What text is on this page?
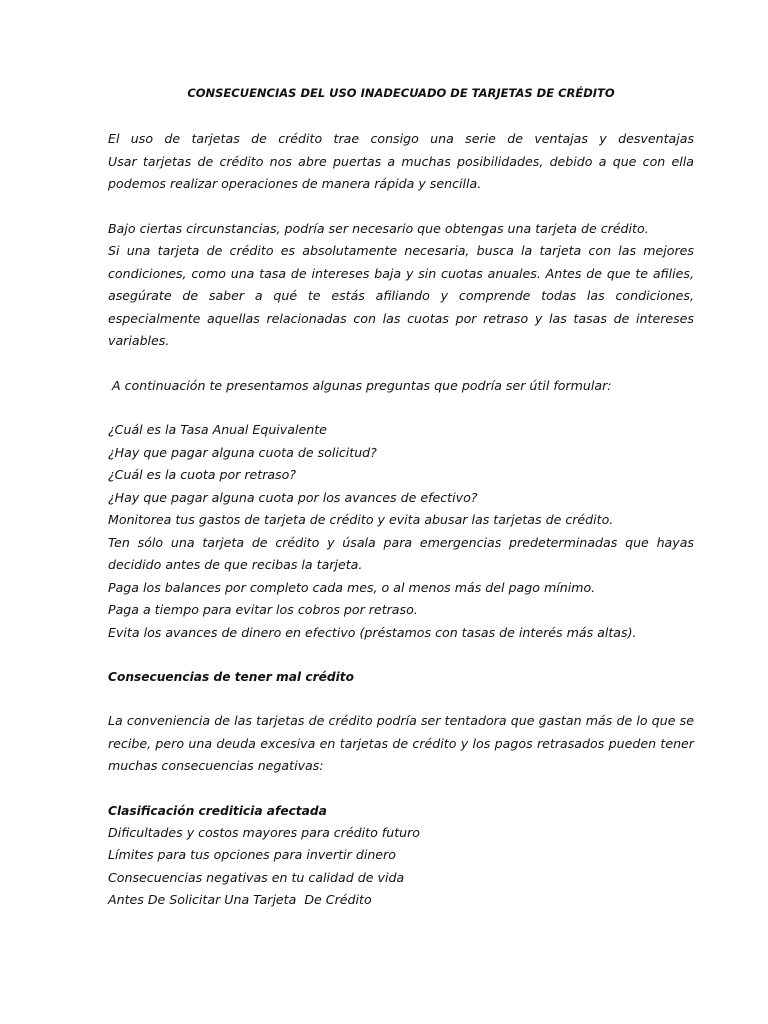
CONSECUENCIAS DEL USO INADECUADO DE TARJETAS DE CRÉDITO
El uso de tarjetas de crédito trae consigo una serie de ventajas y desventajas
Usar tarjetas de crédito nos abre puertas a muchas posibilidades, debido a que con ella
podemos realizar operaciones de manera rápida y sencilla.
Bajo ciertas circunstancias, podría ser necesario que obtengas una tarjeta de crédito.
Si una tarjeta de crédito es absolutamente necesaria, busca la tarjeta con las mejores
condiciones, como una tasa de intereses baja y sin cuotas anuales. Antes de que te afilies,
asegúrate de saber a qué te estás afiliando y comprende todas las condiciones,
especialmente aquellas relacionadas con las cuotas por retraso y las tasas de intereses
variables.
A continuación te presentamos algunas preguntas que podría ser útil formular:
¿Cuál es la Tasa Anual Equivalente
¿Hay que pagar alguna cuota de solicitud?
¿Cuál es la cuota por retraso?
¿Hay que pagar alguna cuota por los avances de efectivo?
Monitorea tus gastos de tarjeta de crédito y evita abusar las tarjetas de crédito.
Ten sólo una tarjeta de crédito y úsala para emergencias predeterminadas que hayas
decidido antes de que recibas la tarjeta.
Paga los balances por completo cada mes, o al menos más del pago mínimo.
Paga a tiempo para evitar los cobros por retraso.
Evita los avances de dinero en efectivo (préstamos con tasas de interés más altas).
Consecuencias de tener mal crédito
La conveniencia de las tarjetas de crédito podría ser tentadora que gastan más de lo que se
recibe, pero una deuda excesiva en tarjetas de crédito y los pagos retrasados pueden tener
muchas consecuencias negativas:
Clasificación crediticia afectada
Dificultades y costos mayores para crédito futuro
Límites para tus opciones para invertir dinero
Consecuencias negativas en tu calidad de vida
Antes De Solicitar Una Tarjeta  De Crédito
